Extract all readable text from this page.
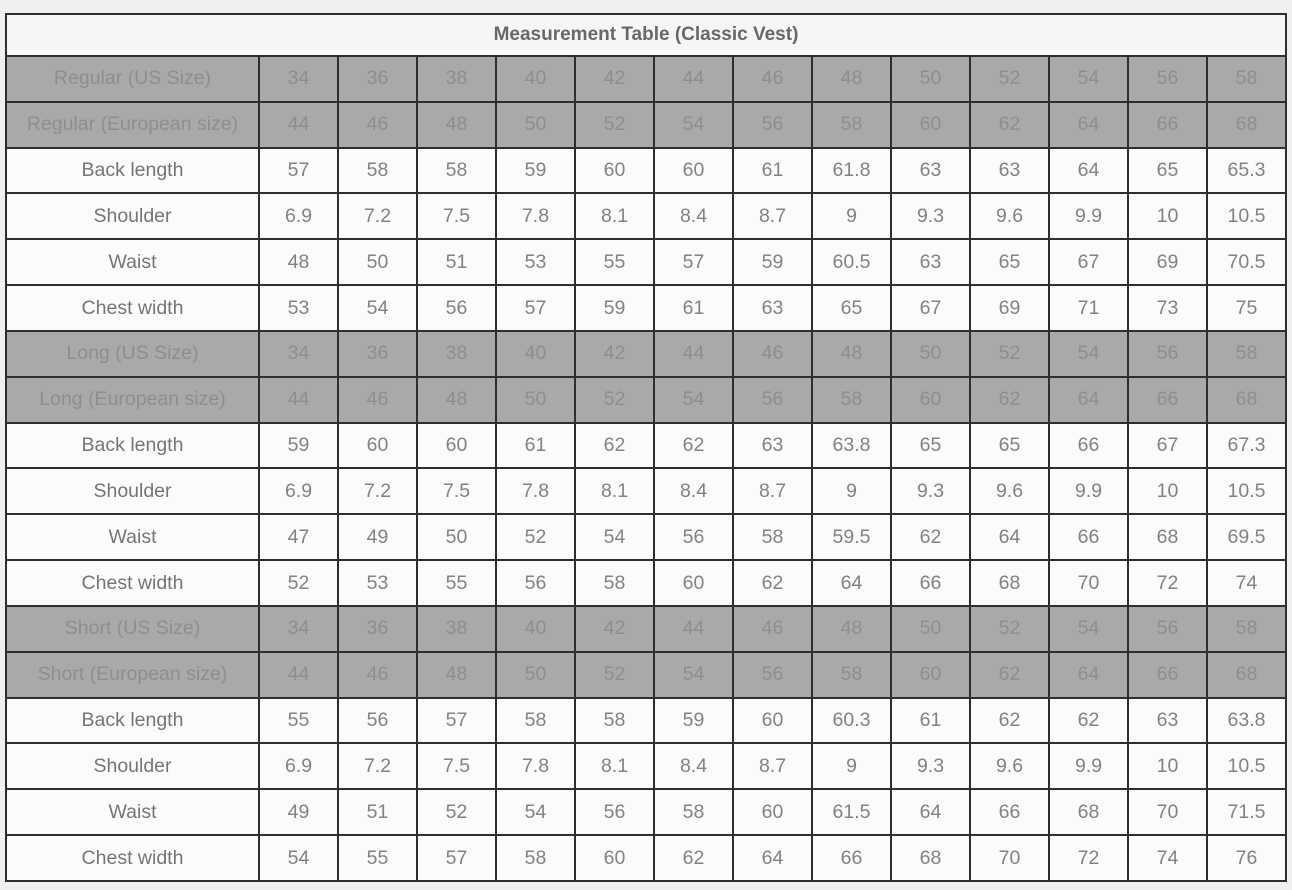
Measurement Table (Classic Vest)													
Regular (US Size)	34	36	38	40	42	44	46	48	50	52	54	56	58
Regular (European size)	44	46	48	50	52	54	56	58	60	62	64	66	68
Back length	57	58	58	59	60	60	61	61.8	63	63	64	65	65.3
Shoulder	6.9	7.2	7.5	7.8	8.1	8.4	8.7	9	9.3	9.6	9.9	10	10.5
Waist	48	50	51	53	55	57	59	60.5	63	65	67	69	70.5
Chest width	53	54	56	57	59	61	63	65	67	69	71	73	75
Long (US Size)	34	36	38	40	42	44	46	48	50	52	54	56	58
Long (European size)	44	46	48	50	52	54	56	58	60	62	64	66	68
Back length	59	60	60	61	62	62	63	63.8	65	65	66	67	67.3
Shoulder	6.9	7.2	7.5	7.8	8.1	8.4	8.7	9	9.3	9.6	9.9	10	10.5
Waist	47	49	50	52	54	56	58	59.5	62	64	66	68	69.5
Chest width	52	53	55	56	58	60	62	64	66	68	70	72	74
Short (US Size)	34	36	38	40	42	44	46	48	50	52	54	56	58
Short (European size)	44	46	48	50	52	54	56	58	60	62	64	66	68
Back length	55	56	57	58	58	59	60	60.3	61	62	62	63	63.8
Shoulder	6.9	7.2	7.5	7.8	8.1	8.4	8.7	9	9.3	9.6	9.9	10	10.5
Waist	49	51	52	54	56	58	60	61.5	64	66	68	70	71.5
Chest width	54	55	57	58	60	62	64	66	68	70	72	74	76
